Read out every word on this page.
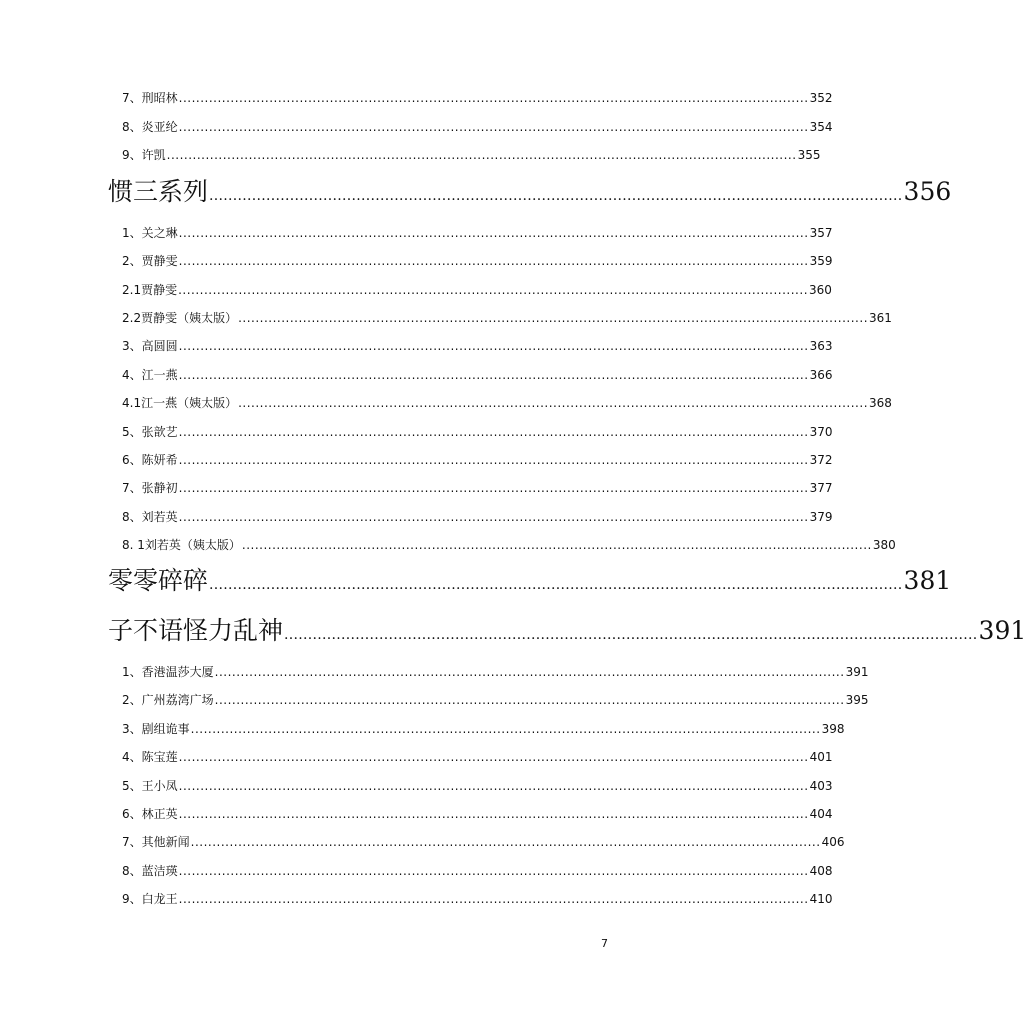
7、刑昭林 .................................................................................................................................................. 352
8、炎亚纶 .................................................................................................................................................. 354
9、许凯 .................................................................................................................................................. 355
惯三系列 .................................................................................................................................................. 356
1、关之琳 .................................................................................................................................................. 357
2、贾静雯 .................................................................................................................................................. 359
2.1贾静雯 .................................................................................................................................................. 360
2.2贾静雯（姨太版） .................................................................................................................................................. 361
3、高圆圆 .................................................................................................................................................. 363
4、江一燕 .................................................................................................................................................. 366
4.1江一燕（姨太版） .................................................................................................................................................. 368
5、张歆艺 .................................................................................................................................................. 370
6、陈妍希 .................................................................................................................................................. 372
7、张静初 .................................................................................................................................................. 377
8、刘若英 .................................................................................................................................................. 379
8. 1刘若英（姨太版） .................................................................................................................................................. 380
零零碎碎 .................................................................................................................................................. 381
子不语怪力乱神 .................................................................................................................................................. 391
1、香港温莎大厦 .................................................................................................................................................. 391
2、广州荔湾广场 .................................................................................................................................................. 395
3、剧组诡事 .................................................................................................................................................. 398
4、陈宝莲 .................................................................................................................................................. 401
5、王小凤 .................................................................................................................................................. 403
6、林正英 .................................................................................................................................................. 404
7、其他新闻 .................................................................................................................................................. 406
8、蓝洁瑛 .................................................................................................................................................. 408
9、白龙王 .................................................................................................................................................. 410
7
